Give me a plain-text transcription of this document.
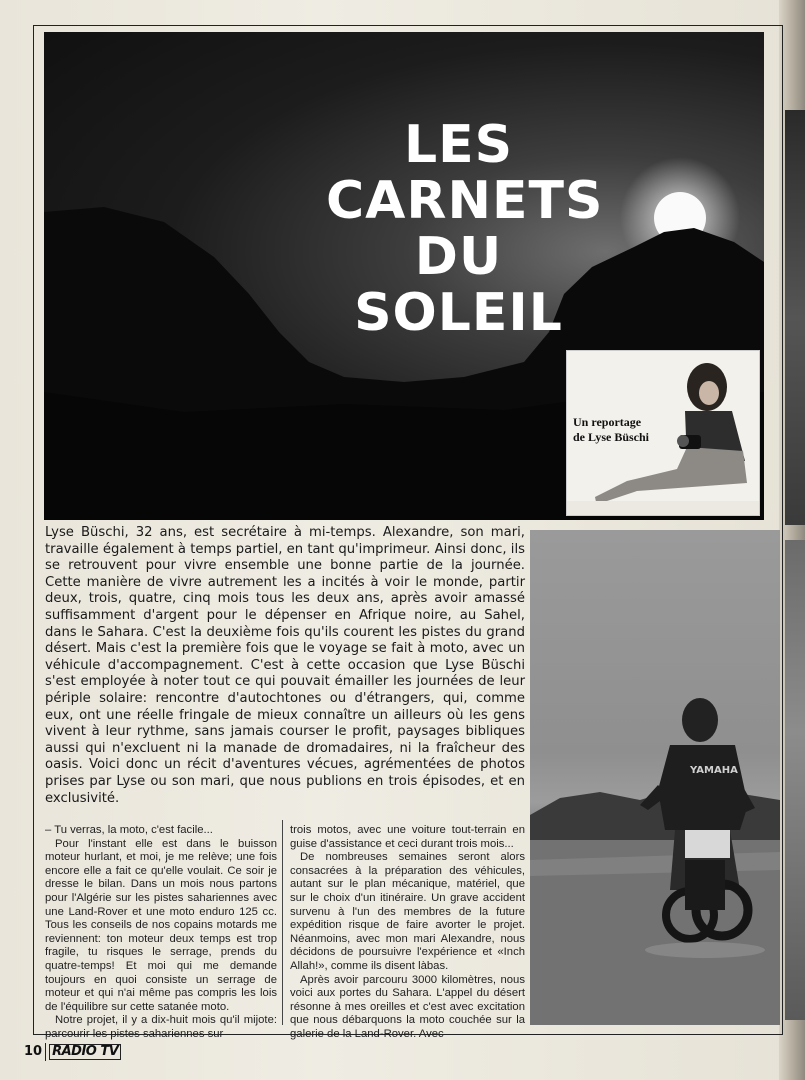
LES
CARNETS
DU
SOLEIL
Un reportage
de Lyse Büschi
Lyse Büschi, 32 ans, est secrétaire à mi-temps. Alexandre, son mari, travaille également à temps partiel, en tant qu'imprimeur. Ainsi donc, ils se retrouvent pour vivre ensemble une bonne partie de la journée. Cette manière de vivre autrement les a incités à voir le monde, partir deux, trois, quatre, cinq mois tous les deux ans, après avoir amassé suffisamment d'argent pour le dépenser en Afrique noire, au Sahel, dans le Sahara. C'est la deuxième fois qu'ils courent les pistes du grand désert. Mais c'est la première fois que le voyage se fait à moto, avec un véhicule d'accompagnement. C'est à cette occasion que Lyse Büschi s'est employée à noter tout ce qui pouvait émailler les journées de leur périple solaire: rencontre d'autochtones ou d'étrangers, qui, comme eux, ont une réelle fringale de mieux connaître un ailleurs où les gens vivent à leur rythme, sans jamais courser le profit, paysages bibliques aussi qui n'excluent ni la manade de dromadaires, ni la fraîcheur des oasis. Voici donc un récit d'aventures vécues, agrémentées de photos prises par Lyse ou son mari, que nous publions en trois épisodes, et en exclusivité.
YAMAHA

– Tu verras, la moto, c'est facile...

Pour l'instant elle est dans le buisson moteur hurlant, et moi, je me relève; une fois encore elle a fait ce qu'elle voulait. Ce soir je dresse le bilan. Dans un mois nous partons pour l'Algérie sur les pistes sahariennes avec une Land-Rover et une moto enduro 125 cc. Tous les conseils de nos copains motards me reviennent: ton moteur deux temps est trop fragile, tu risques le serrage, prends du quatre-temps! Et moi qui me demande toujours en quoi consiste un serrage de moteur et qui n'ai même pas compris les lois de l'équilibre sur cette satanée moto.

Notre projet, il y a dix-huit mois qu'il mijote: parcourir les pistes sahariennes sur

trois motos, avec une voiture tout-terrain en guise d'assistance et ceci durant trois mois...

De nombreuses semaines seront alors consacrées à la préparation des véhicules, autant sur le plan mécanique, matériel, que sur le choix d'un itinéraire. Un grave accident survenu à l'un des membres de la future expédition risque de faire avorter le projet. Néanmoins, avec mon mari Alexandre, nous décidons de poursuivre l'expérience et «Inch Allah!», comme ils disent làbas.

Après avoir parcouru 3000 kilomètres, nous voici aux portes du Sahara. L'appel du désert résonne à mes oreilles et c'est avec excitation que nous débarquons la moto couchée sur la galerie de la Land-Rover. Avec

10 RADIO TV
